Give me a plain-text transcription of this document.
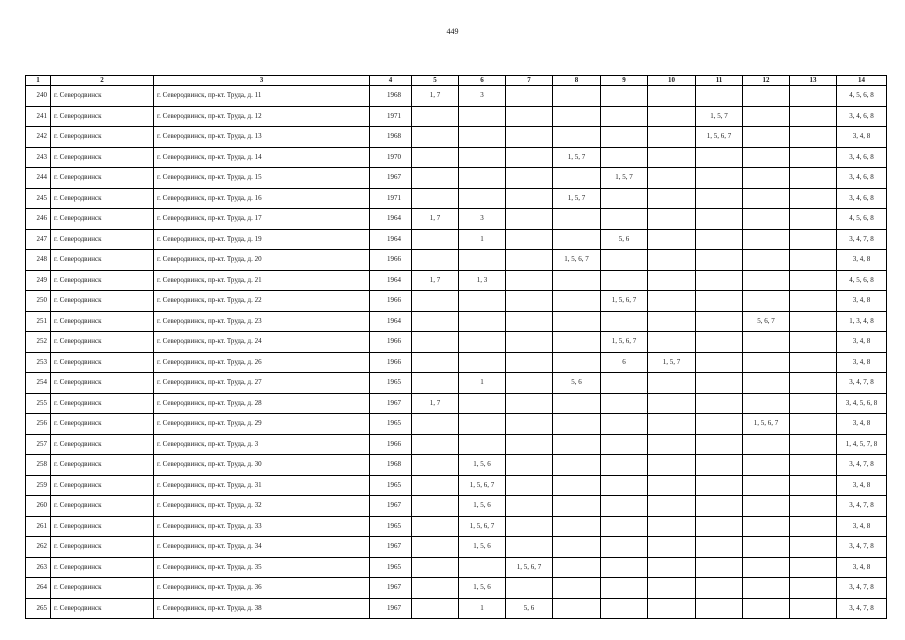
449
1	2	3	4	5	6	7	8	9	10	11	12	13	14
240	г. Северодвинск	г. Северодвинск, пр-кт. Труда, д. 11	1968	1, 7	3								4, 5, 6, 8
241	г. Северодвинск	г. Северодвинск, пр-кт. Труда, д. 12	1971							1, 5, 7			3, 4, 6, 8
242	г. Северодвинск	г. Северодвинск, пр-кт. Труда, д. 13	1968							1, 5, 6, 7			3, 4, 8
243	г. Северодвинск	г. Северодвинск, пр-кт. Труда, д. 14	1970				1, 5, 7						3, 4, 6, 8
244	г. Северодвинск	г. Северодвинск, пр-кт. Труда, д. 15	1967					1, 5, 7					3, 4, 6, 8
245	г. Северодвинск	г. Северодвинск, пр-кт. Труда, д. 16	1971				1, 5, 7						3, 4, 6, 8
246	г. Северодвинск	г. Северодвинск, пр-кт. Труда, д. 17	1964	1, 7	3								4, 5, 6, 8
247	г. Северодвинск	г. Северодвинск, пр-кт. Труда, д. 19	1964		1			5, 6					3, 4, 7, 8
248	г. Северодвинск	г. Северодвинск, пр-кт. Труда, д. 20	1966				1, 5, 6, 7						3, 4, 8
249	г. Северодвинск	г. Северодвинск, пр-кт. Труда, д. 21	1964	1, 7	1, 3								4, 5, 6, 8
250	г. Северодвинск	г. Северодвинск, пр-кт. Труда, д. 22	1966					1, 5, 6, 7					3, 4, 8
251	г. Северодвинск	г. Северодвинск, пр-кт. Труда, д. 23	1964								5, 6, 7		1, 3, 4, 8
252	г. Северодвинск	г. Северодвинск, пр-кт. Труда, д. 24	1966					1, 5, 6, 7					3, 4, 8
253	г. Северодвинск	г. Северодвинск, пр-кт. Труда, д. 26	1966					6	1, 5, 7				3, 4, 8
254	г. Северодвинск	г. Северодвинск, пр-кт. Труда, д. 27	1965		1		5, 6						3, 4, 7, 8
255	г. Северодвинск	г. Северодвинск, пр-кт. Труда, д. 28	1967	1, 7									3, 4, 5, 6, 8
256	г. Северодвинск	г. Северодвинск, пр-кт. Труда, д. 29	1965								1, 5, 6, 7		3, 4, 8
257	г. Северодвинск	г. Северодвинск, пр-кт. Труда, д. 3	1966										1, 4, 5, 7, 8
258	г. Северодвинск	г. Северодвинск, пр-кт. Труда, д. 30	1968		1, 5, 6								3, 4, 7, 8
259	г. Северодвинск	г. Северодвинск, пр-кт. Труда, д. 31	1965		1, 5, 6, 7								3, 4, 8
260	г. Северодвинск	г. Северодвинск, пр-кт. Труда, д. 32	1967		1, 5, 6								3, 4, 7, 8
261	г. Северодвинск	г. Северодвинск, пр-кт. Труда, д. 33	1965		1, 5, 6, 7								3, 4, 8
262	г. Северодвинск	г. Северодвинск, пр-кт. Труда, д. 34	1967		1, 5, 6								3, 4, 7, 8
263	г. Северодвинск	г. Северодвинск, пр-кт. Труда, д. 35	1965			1, 5, 6, 7							3, 4, 8
264	г. Северодвинск	г. Северодвинск, пр-кт. Труда, д. 36	1967		1, 5, 6								3, 4, 7, 8
265	г. Северодвинск	г. Северодвинск, пр-кт. Труда, д. 38	1967		1	5, 6							3, 4, 7, 8
